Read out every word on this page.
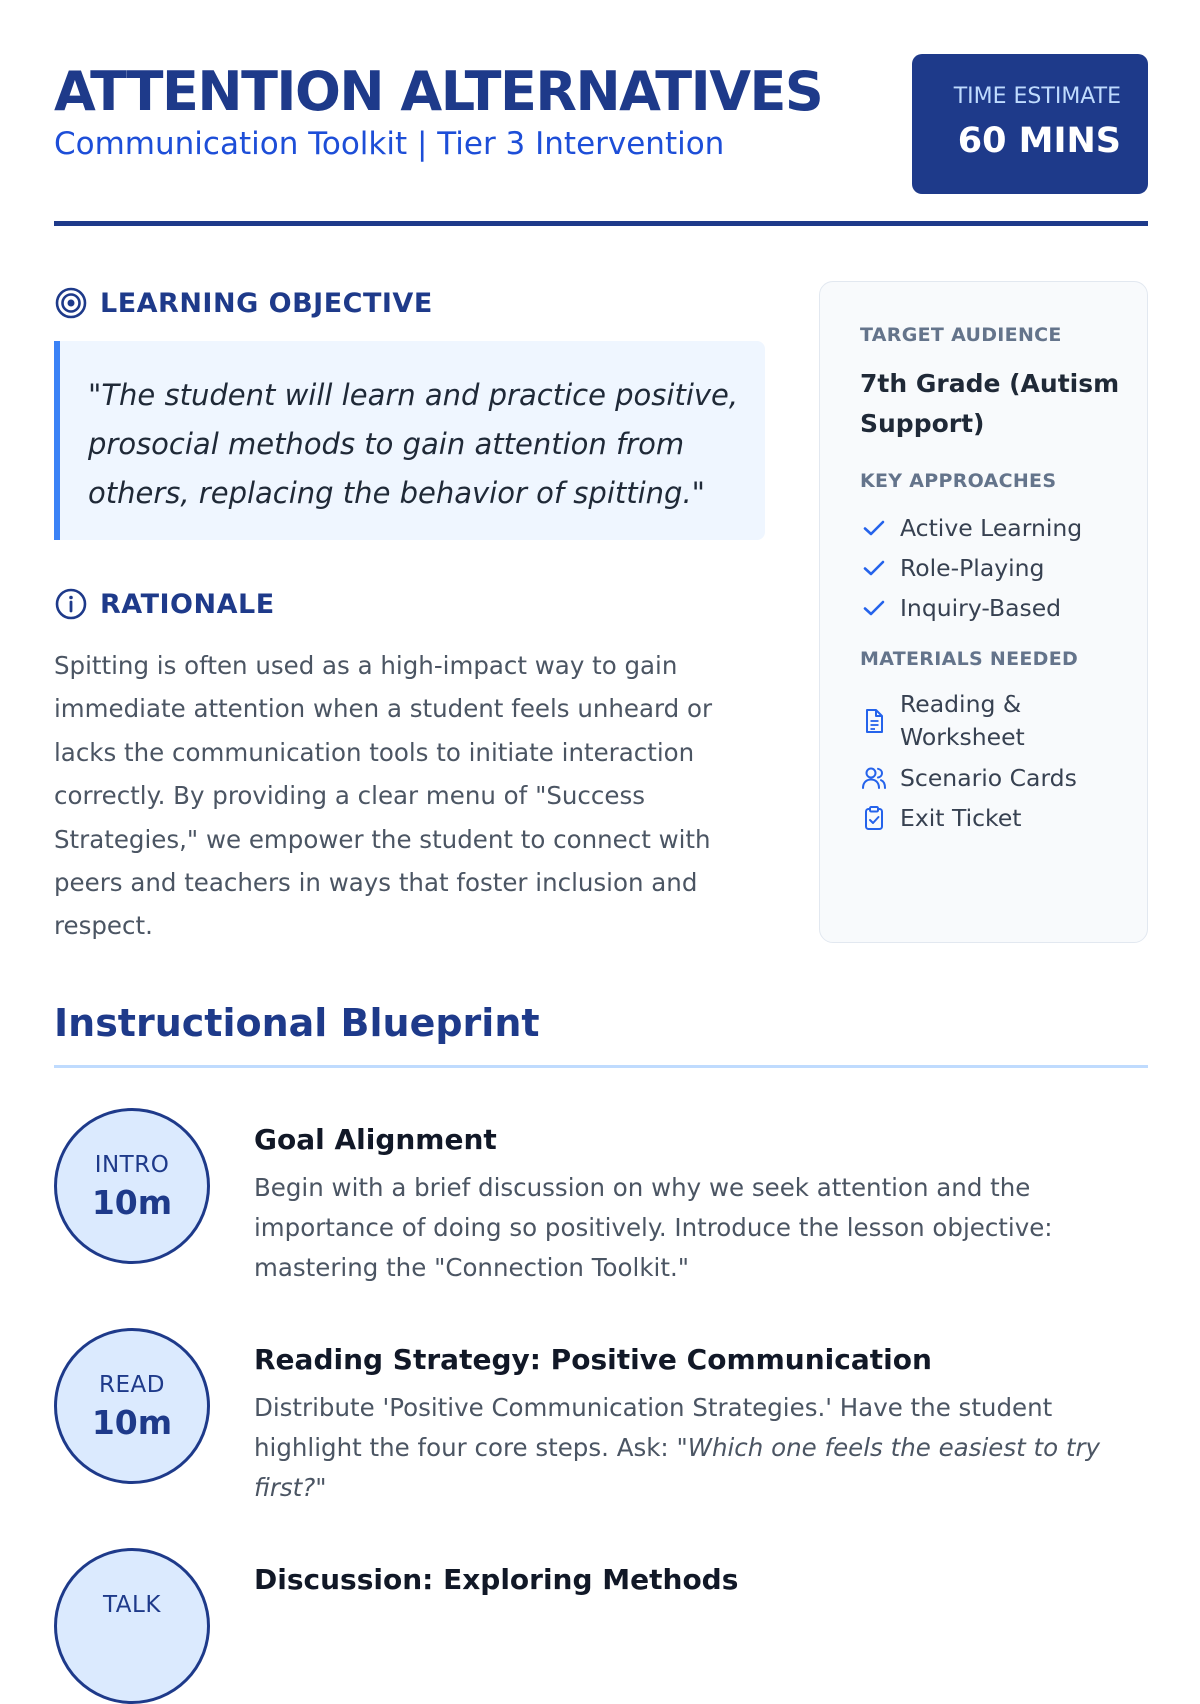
ATTENTION ALTERNATIVES
Communication Toolkit | Tier 3 Intervention
TIME ESTIMATE
60 MINS
LEARNING OBJECTIVE
"The student will learn and practice positive, prosocial methods to gain attention from others, replacing the behavior of spitting."
RATIONALE

Spitting is often used as a high-impact way to gain immediate attention when a student feels unheard or lacks the communication tools to initiate interaction correctly. By providing a clear menu of "Success Strategies," we empower the student to connect with peers and teachers in ways that foster inclusion and respect.

TARGET AUDIENCE
7th Grade (Autism Support)
KEY APPROACHES
Active Learning
Role-Playing
Inquiry-Based
MATERIALS NEEDED
Reading & Worksheet
Scenario Cards
Exit Ticket
Instructional Blueprint
INTRO
10m
Goal Alignment

Begin with a brief discussion on why we seek attention and the importance of doing so positively. Introduce the lesson objective: mastering the "Connection Toolkit."

READ
10m
Reading Strategy: Positive Communication

Distribute 'Positive Communication Strategies.' Have the student highlight the four core steps. Ask: "Which one feels the easiest to try first?"

TALK
Discussion: Exploring Methods
